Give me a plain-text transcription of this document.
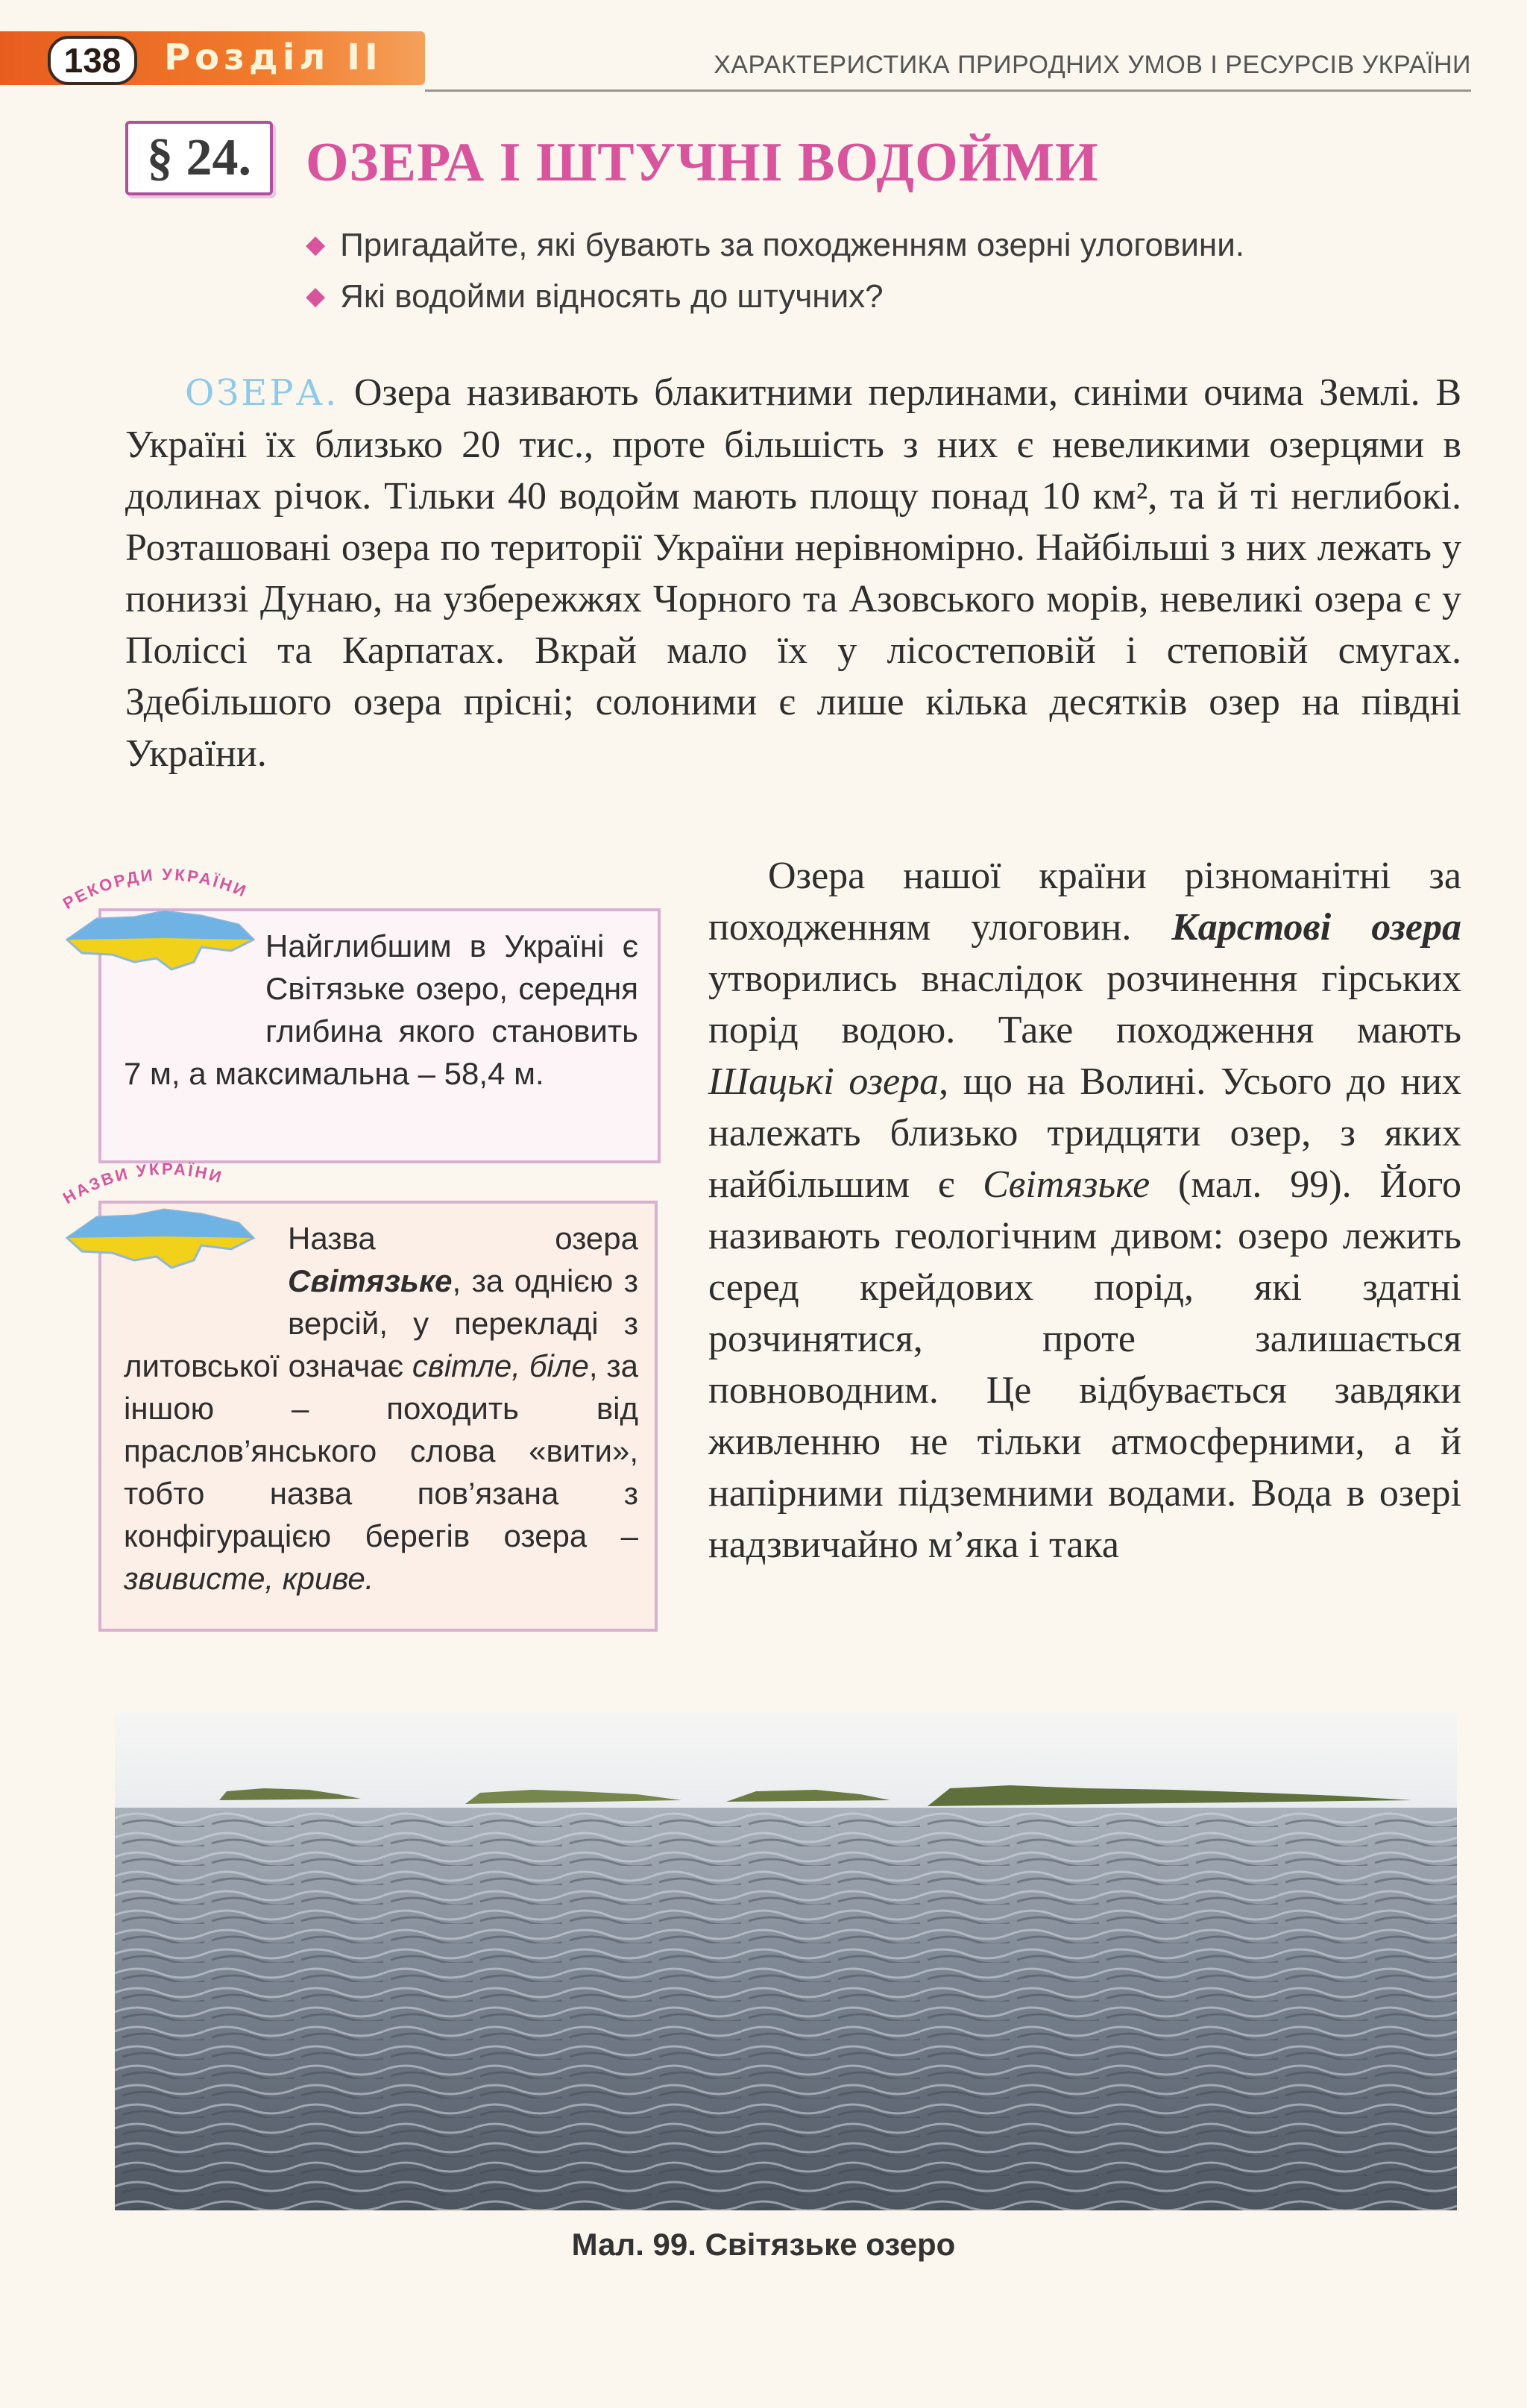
138	Розділ II	ХАРАКТЕРИСТИКА ПРИРОДНИХ УМОВ І РЕСУРСІВ УКРАЇНИ
§ 24. ОЗЕРА І ШТУЧНІ ВОДОЙМИ
◆ Пригадайте, які бувають за походженням озерні улоговини.
◆ Які водойми відносять до штучних?

ОЗЕРА. Озера називають блакитними перлинами, синіми очима Землі. В Україні їх близько 20 тис., проте більшість з них є невеликими озерцями в долинах річок. Тільки 40 водойм мають площу понад 10 км², та й ті неглибокі. Розташовані озера по території України нерівномірно. Найбільші з них лежать у пониззі Дунаю, на узбережжях Чорного та Азовського морів, невеликі озера є у Поліссі та Карпатах. Вкрай мало їх у лісостеповій і степовій смугах. Здебільшого озера прісні; солоними є лише кілька десятків озер на півдні України.

Озера нашої країни різноманітні за походженням улоговин. Карстові озера утворились внаслідок розчинення гірських порід водою. Таке походження мають Шацькі озера, що на Волині. Усього до них належать близько тридцяти озер, з яких найбільшим є Світязьке (мал. 99). Його називають геологічним дивом: озеро лежить серед крейдових порід, які здатні розчинятися, проте залишається повноводним. Це відбувається завдяки живленню не тільки атмосферними, а й напірними підземними водами. Вода в озері надзвичайно м’яка і така

Найглибшим в Україні є Світязьке озеро, середня глибина якого становить 7 м, а максимальна – 58,4 м.
РЕКОРДИ УКРАЇНИ
Назва озера Світязьке, за однією з версій, у перекладі з литовської означає світле, біле, за іншою – походить від праслов’янського слова «вити», тобто назва пов’язана з конфігурацією берегів озера – звивисте, криве.
НАЗВИ УКРАЇНИ
Мал. 99. Світязьке озеро
